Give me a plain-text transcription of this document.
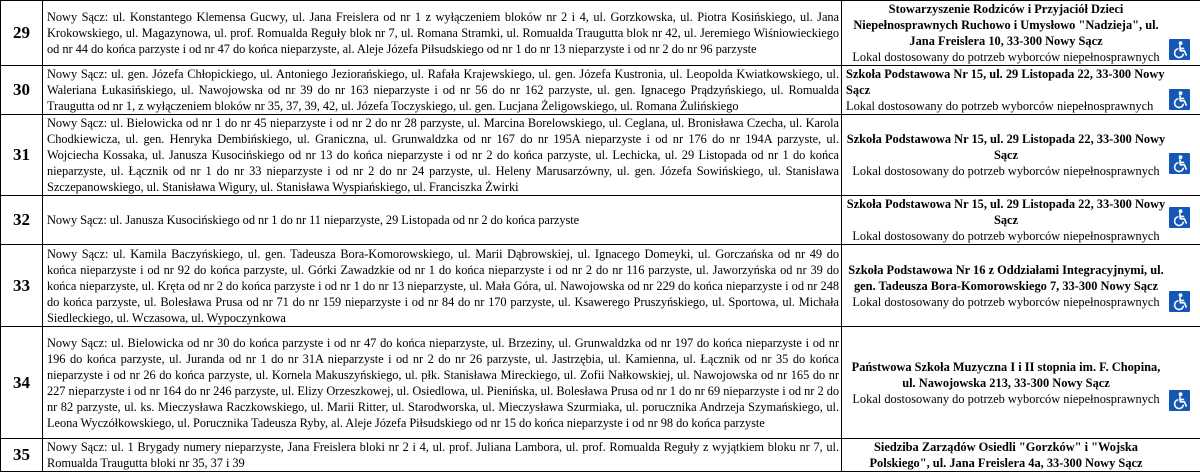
29	Nowy Sącz: ul. Konstantego Klemensa Gucwy, ul. Jana Freislera od nr 1 z wyłączeniem bloków nr 2 i 4, ul. Gorzkowska, ul. Piotra Kosińskiego, ul. Jana Krokowskiego, ul. Magazynowa, ul. prof. Romualda Reguły blok nr 7, ul. Romana Stramki, ul. Romualda Traugutta blok nr 42, ul. Jeremiego Wiśniowieckiego od nr 44 do końca parzyste i od nr 47 do końca nieparzyste, al. Aleje Józefa Piłsudskiego od nr 1 do nr 13 nieparzyste i od nr 2 do nr 96 parzyste	Stowarzyszenie Rodziców i Przyjaciół Dzieci Niepełnosprawnych Ruchowo i Umysłowo "Nadzieja", ul. Jana Freislera 10, 33-300 Nowy Sącz
Lokal dostosowany do potrzeb wyborców niepełnosprawnych

30	Nowy Sącz: ul. gen. Józefa Chłopickiego, ul. Antoniego Jeziorańskiego, ul. Rafała Krajewskiego, ul. gen. Józefa Kustronia, ul. Leopolda Kwiatkowskiego, ul. Waleriana Łukasińskiego, ul. Nawojowska od nr 39 do nr 163 nieparzyste i od nr 56 do nr 162 parzyste, ul. gen. Ignacego Prądzyńskiego, ul. Romualda Traugutta od nr 1, z wyłączeniem bloków nr 35, 37, 39, 42, ul. Józefa Toczyskiego, ul. gen. Lucjana Żeligowskiego, ul. Romana Żulińskiego	Szkoła Podstawowa Nr 15, ul. 29 Listopada 22, 33-300 Nowy Sącz
Lokal dostosowany do potrzeb wyborców niepełnosprawnych

31	Nowy Sącz: ul. Bielowicka od nr 1 do nr 45 nieparzyste i od nr 2 do nr 28 parzyste, ul. Marcina Borelowskiego, ul. Ceglana, ul. Bronisława Czecha, ul. Karola Chodkiewicza, ul. gen. Henryka Dembińskiego, ul. Graniczna, ul. Grunwaldzka od nr 167 do nr 195A nieparzyste i od nr 176 do nr 194A parzyste, ul. Wojciecha Kossaka, ul. Janusza Kusocińskiego od nr 13 do końca nieparzyste i od nr 2 do końca parzyste, ul. Lechicka, ul. 29 Listopada od nr 1 do końca nieparzyste, ul. Łącznik od nr 1 do nr 33 nieparzyste i od nr 2 do nr 24 parzyste, ul. Heleny Marusarzówny, ul. gen. Józefa Sowińskiego, ul. Stanisława Szczepanowskiego, ul. Stanisława Wigury, ul. Stanisława Wyspiańskiego, ul. Franciszka Żwirki	Szkoła Podstawowa Nr 15, ul. 29 Listopada 22, 33-300 Nowy Sącz
Lokal dostosowany do potrzeb wyborców niepełnosprawnych

32	Nowy Sącz: ul. Janusza Kusocińskiego od nr 1 do nr 11 nieparzyste, 29 Listopada od nr 2 do końca parzyste	Szkoła Podstawowa Nr 15, ul. 29 Listopada 22, 33-300 Nowy Sącz
Lokal dostosowany do potrzeb wyborców niepełnosprawnych

33	Nowy Sącz: ul. Kamila Baczyńskiego, ul. gen. Tadeusza Bora-Komorowskiego, ul. Marii Dąbrowskiej, ul. Ignacego Domeyki, ul. Gorczańska od nr 49 do końca nieparzyste i od nr 92 do końca parzyste, ul. Górki Zawadzkie od nr 1 do końca nieparzyste i od nr 2 do nr 116 parzyste, ul. Jaworzyńska od nr 39 do końca nieparzyste, ul. Kręta od nr 2 do końca parzyste i od nr 1 do nr 13 nieparzyste, ul. Mała Góra, ul. Nawojowska od nr 229 do końca nieparzyste i od nr 248 do końca parzyste, ul. Bolesława Prusa od nr 71 do nr 159 nieparzyste i od nr 84 do nr 170 parzyste, ul. Ksawerego Pruszyńskiego, ul. Sportowa, ul. Michała Siedleckiego, ul. Wczasowa, ul. Wypoczynkowa	Szkoła Podstawowa Nr 16 z Oddziałami Integracyjnymi, ul. gen. Tadeusza Bora-Komorowskiego 7, 33-300 Nowy Sącz
Lokal dostosowany do potrzeb wyborców niepełnosprawnych

34	Nowy Sącz: ul. Bielowicka od nr 30 do końca parzyste i od nr 47 do końca nieparzyste, ul. Brzeziny, ul. Grunwaldzka od nr 197 do końca nieparzyste i od nr 196 do końca parzyste, ul. Juranda od nr 1 do nr 31A nieparzyste i od nr 2 do nr 26 parzyste, ul. Jastrzębia, ul. Kamienna, ul. Łącznik od nr 35 do końca nieparzyste i od nr 26 do końca parzyste, ul. Kornela Makuszyńskiego, ul. płk. Stanisława Mireckiego, ul. Zofii Nałkowskiej, ul. Nawojowska od nr 165 do nr 227 nieparzyste i od nr 164 do nr 246 parzyste, ul. Elizy Orzeszkowej, ul. Osiedlowa, ul. Pienińska, ul. Bolesława Prusa od nr 1 do nr 69 nieparzyste i od nr 2 do nr 82 parzyste, ul. ks. Mieczysława Raczkowskiego, ul. Marii Ritter, ul. Starodworska, ul. Mieczysława Szurmiaka, ul. porucznika Andrzeja Szymańskiego, ul. Leona Wyczółkowskiego, ul. Porucznika Tadeusza Ryby, al. Aleje Józefa Piłsudskiego od nr 15 do końca nieparzyste i od nr 98 do końca parzyste	Państwowa Szkoła Muzyczna I i II stopnia im. F. Chopina, ul. Nawojowska 213, 33-300 Nowy Sącz
Lokal dostosowany do potrzeb wyborców niepełnosprawnych

35	Nowy Sącz: ul. 1 Brygady numery nieparzyste, Jana Freislera bloki nr 2 i 4, ul. prof. Juliana Lambora, ul. prof. Romualda Reguły z wyjątkiem bloku nr 7, ul. Romualda Traugutta bloki nr 35, 37 i 39	Siedziba Zarządów Osiedli "Gorzków" i "Wojska Polskiego", ul. Jana Freislera 4a, 33-300 Nowy Sącz
